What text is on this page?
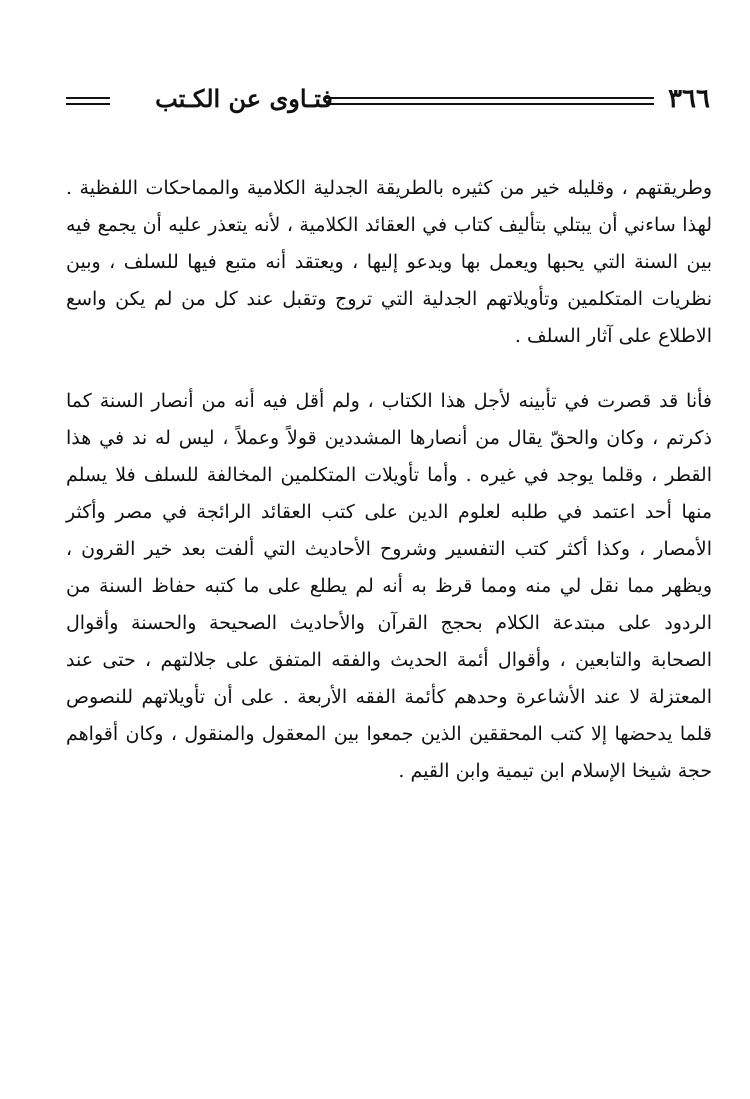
فتـاوى عن الكـتب	٣٦٦

وطريقتهم ، وقليله خير من كثيره بالطريقة الجدلية الكلامية والمماحكات اللفظية . لهذا ساءني أن يبتلي بتأليف كتاب في العقائد الكلامية ، لأنه يتعذر عليه أن يجمع فيه بين السنة التي يحبها ويعمل بها ويدعو إليها ، ويعتقد أنه متبع فيها للسلف ، وبين نظريات المتكلمين وتأويلاتهم الجدلية التي تروج وتقبل عند كل من لم يكن واسع الاطلاع على آثار السلف .

فأنا قد قصرت في تأبينه لأجل هذا الكتاب ، ولم أقل فيه أنه من أنصار السنة كما ذكرتم ، وكان والحقّ يقال من أنصارها المشددين قولاً وعملاً ، ليس له ند في هذا القطر ، وقلما يوجد في غيره . وأما تأويلات المتكلمين المخالفة للسلف فلا يسلم منها أحد اعتمد في طلبه لعلوم الدين على كتب العقائد الرائجة في مصر وأكثر الأمصار ، وكذا أكثر كتب التفسير وشروح الأحاديث التي ألفت بعد خير القرون ، ويظهر مما نقل لي منه ومما قرظ به أنه لم يطلع على ما كتبه حفاظ السنة من الردود على مبتدعة الكلام بحجج القرآن والأحاديث الصحيحة والحسنة وأقوال الصحابة والتابعين ، وأقوال أئمة الحديث والفقه المتفق على جلالتهم ، حتى عند المعتزلة لا عند الأشاعرة وحدهم كأئمة الفقه الأربعة . على أن تأويلاتهم للنصوص قلما يدحضها إلا كتب المحققين الذين جمعوا بين المعقول والمنقول ، وكان أقواهم حجة شيخا الإسلام ابن تيمية وابن القيم .
